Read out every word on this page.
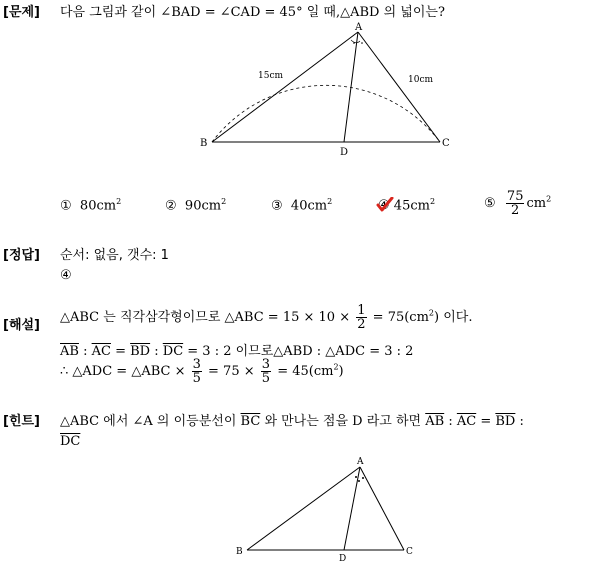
[문제] 다음 그림과 같이 ∠BAD = ∠CAD = 45° 일 때,△ABD 의 넓이는?
A
B	C
D
15cm	10cm
① $80cm^2$	② $90cm^2$	③ $40cm^2$	④ $45cm^2$	⑤ $\frac{75}{2} cm^2$
[정답] 순서: 없음, 갯수: 1
④
[해설]
△ABC 는 직각삼각형이므로 △ABC = $15 \times 10 \times \frac{1}{2} = 75(cm^2)$ 이다.
$\overline{AB}$ : $\overline{AC} = \overline{BD}$ : $\overline{DC} = 3$ : 2 이므로△ABD : △ADC = 3 : 2
∴ △ADC = △ABC × $\frac{3}{5} = 75 \times \frac{3}{5} = 45(cm^2)$
[힌트] △ABC 에서 ∠A 의 이등분선이 $\overline{BC}$ 와 만나는 점을 D 라고 하면 $\overline{AB}$ : $\overline{AC} = \overline{BD}$ :
$\overline{DC}$
A
B	C
D
